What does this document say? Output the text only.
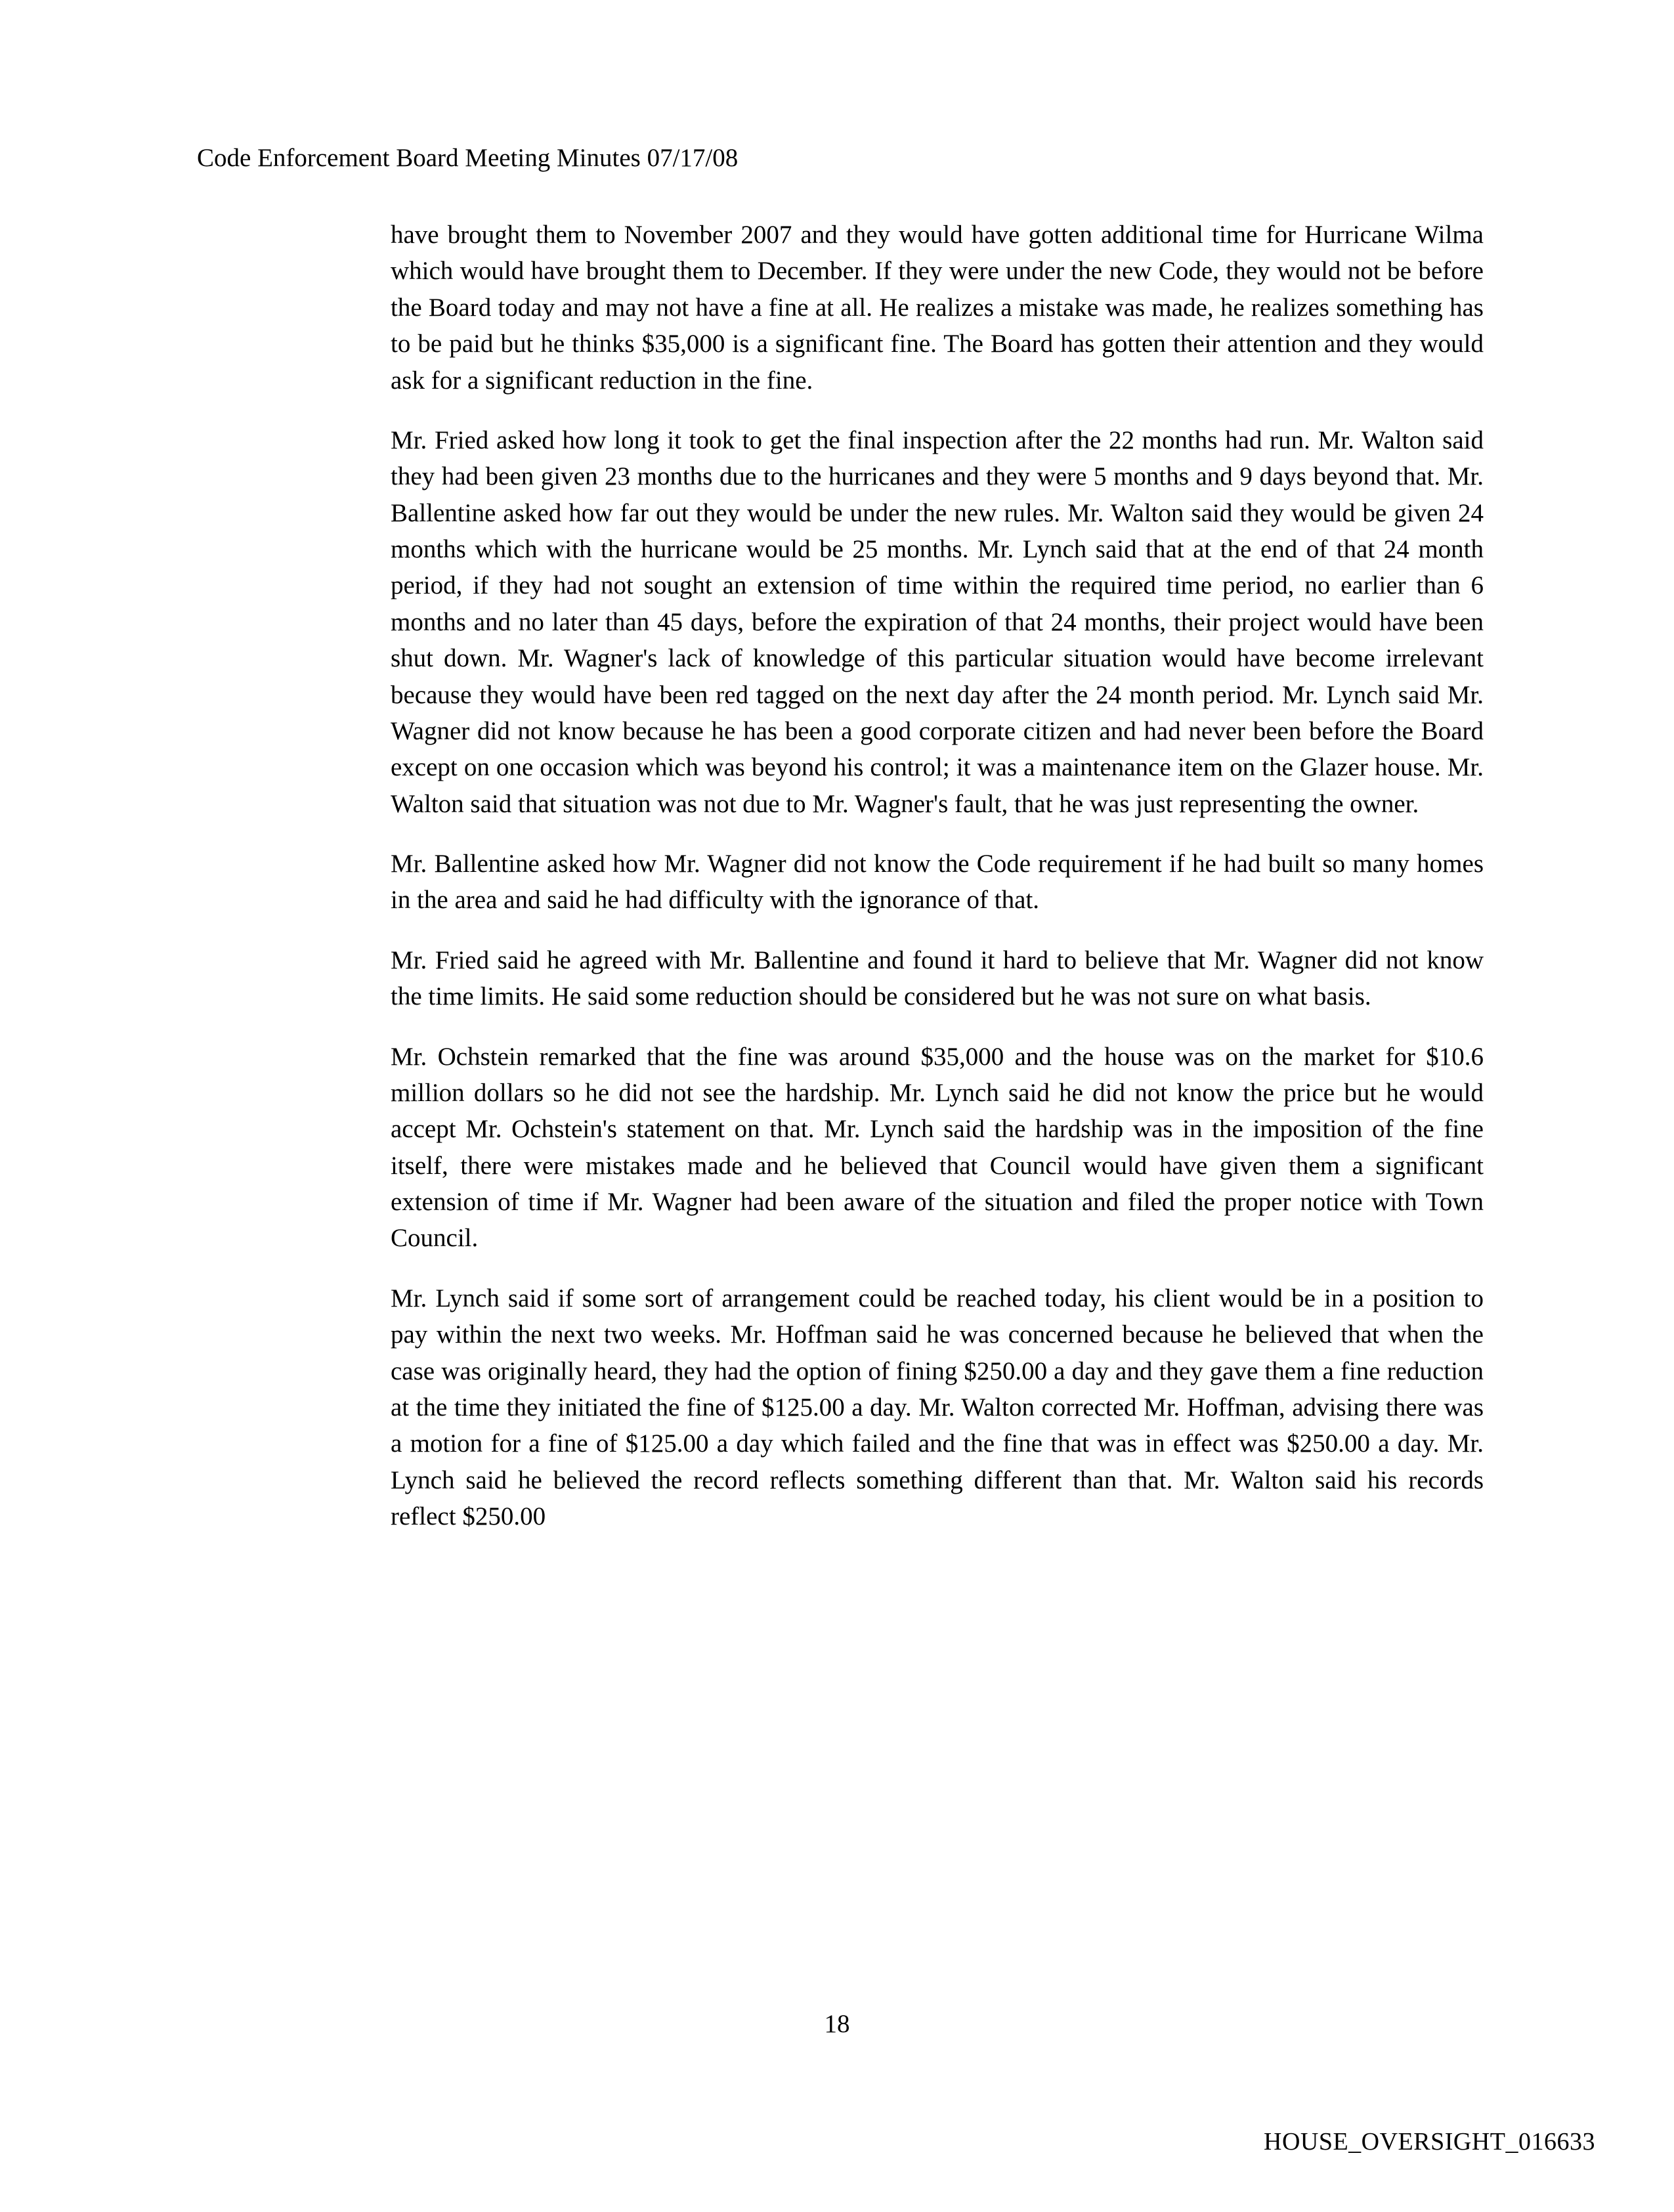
Code Enforcement Board Meeting Minutes 07/17/08

have brought them to November 2007 and they would have gotten additional time for Hurricane Wilma which would have brought them to December. If they were under the new Code, they would not be before the Board today and may not have a fine at all. He realizes a mistake was made, he realizes something has to be paid but he thinks $35,000 is a significant fine. The Board has gotten their attention and they would ask for a significant reduction in the fine.

Mr. Fried asked how long it took to get the final inspection after the 22 months had run. Mr. Walton said they had been given 23 months due to the hurricanes and they were 5 months and 9 days beyond that. Mr. Ballentine asked how far out they would be under the new rules. Mr. Walton said they would be given 24 months which with the hurricane would be 25 months. Mr. Lynch said that at the end of that 24 month period, if they had not sought an extension of time within the required time period, no earlier than 6 months and no later than 45 days, before the expiration of that 24 months, their project would have been shut down. Mr. Wagner's lack of knowledge of this particular situation would have become irrelevant because they would have been red tagged on the next day after the 24 month period. Mr. Lynch said Mr. Wagner did not know because he has been a good corporate citizen and had never been before the Board except on one occasion which was beyond his control; it was a maintenance item on the Glazer house. Mr. Walton said that situation was not due to Mr. Wagner's fault, that he was just representing the owner.

Mr. Ballentine asked how Mr. Wagner did not know the Code requirement if he had built so many homes in the area and said he had difficulty with the ignorance of that.

Mr. Fried said he agreed with Mr. Ballentine and found it hard to believe that Mr. Wagner did not know the time limits. He said some reduction should be considered but he was not sure on what basis.

Mr. Ochstein remarked that the fine was around $35,000 and the house was on the market for $10.6 million dollars so he did not see the hardship. Mr. Lynch said he did not know the price but he would accept Mr. Ochstein's statement on that. Mr. Lynch said the hardship was in the imposition of the fine itself, there were mistakes made and he believed that Council would have given them a significant extension of time if Mr. Wagner had been aware of the situation and filed the proper notice with Town Council.

Mr. Lynch said if some sort of arrangement could be reached today, his client would be in a position to pay within the next two weeks. Mr. Hoffman said he was concerned because he believed that when the case was originally heard, they had the option of fining $250.00 a day and they gave them a fine reduction at the time they initiated the fine of $125.00 a day. Mr. Walton corrected Mr. Hoffman, advising there was a motion for a fine of $125.00 a day which failed and the fine that was in effect was $250.00 a day. Mr. Lynch said he believed the record reflects something different than that. Mr. Walton said his records reflect $250.00

18
HOUSE_OVERSIGHT_016633
